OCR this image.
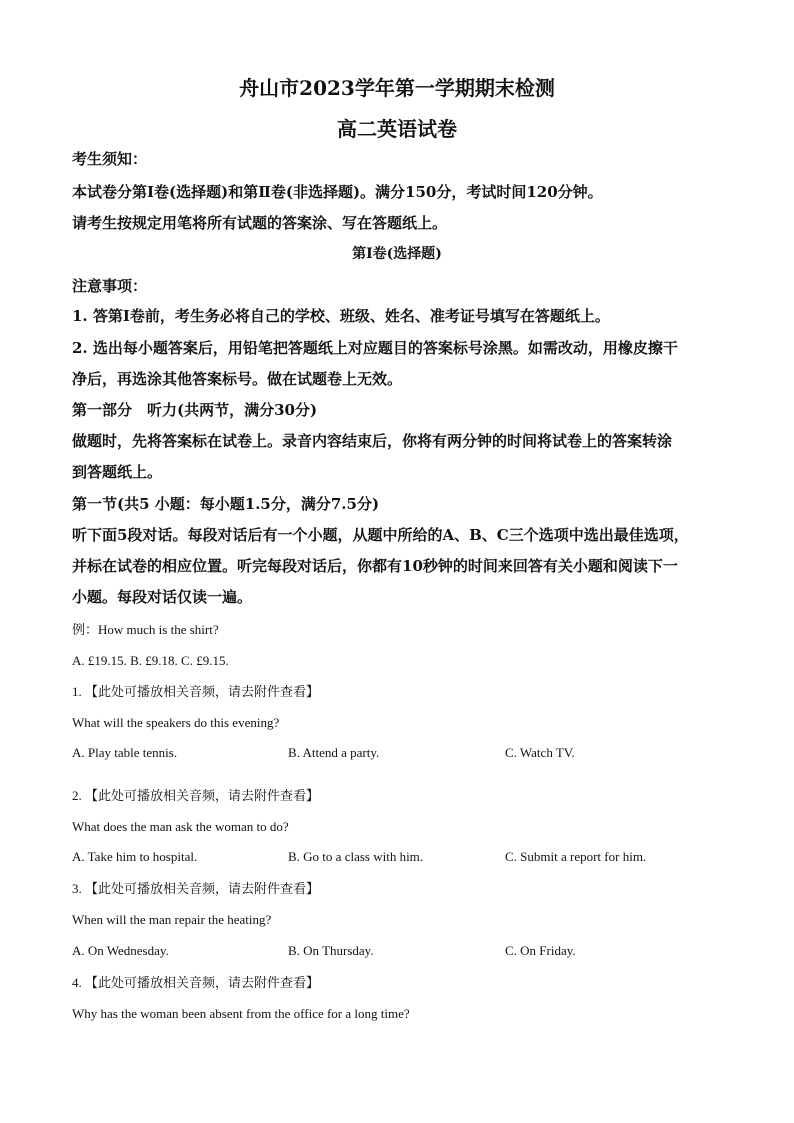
舟山市2023学年第一学期期末检测
高二英语试卷
考生须知：
本试卷分第Ⅰ卷(选择题)和第Ⅱ卷(非选择题)。满分150分，考试时间120分钟。
请考生按规定用笔将所有试题的答案涂、写在答题纸上。
第Ⅰ卷(选择题)
注意事项：
1. 答第Ⅰ卷前，考生务必将自己的学校、班级、姓名、准考证号填写在答题纸上。
2. 选出每小题答案后，用铅笔把答题纸上对应题目的答案标号涂黑。如需改动，用橡皮擦干
净后，再选涂其他答案标号。做在试题卷上无效。
第一部分　听力(共两节，满分30分)
做题时，先将答案标在试卷上。录音内容结束后，你将有两分钟的时间将试卷上的答案转涂
到答题纸上。
第一节(共5 小题：每小题1.5分，满分7.5分)
听下面5段对话。每段对话后有一个小题，从题中所给的A、B、C三个选项中选出最佳选项，
并标在试卷的相应位置。听完每段对话后，你都有10秒钟的时间来回答有关小题和阅读下一
小题。每段对话仅读一遍。
例：How much is the shirt?
A. £19.15. B. £9.18. C. £9.15.
1. 【此处可播放相关音频，请去附件查看】
What will the speakers do this evening?
A. Play table tennis.	B. Attend a party.	C. Watch TV.
2. 【此处可播放相关音频，请去附件查看】
What does the man ask the woman to do?
A. Take him to hospital.	B. Go to a class with him.	C. Submit a report for him.
3. 【此处可播放相关音频，请去附件查看】
When will the man repair the heating?
A. On Wednesday.	B. On Thursday.	C. On Friday.
4. 【此处可播放相关音频，请去附件查看】
Why has the woman been absent from the office for a long time?
